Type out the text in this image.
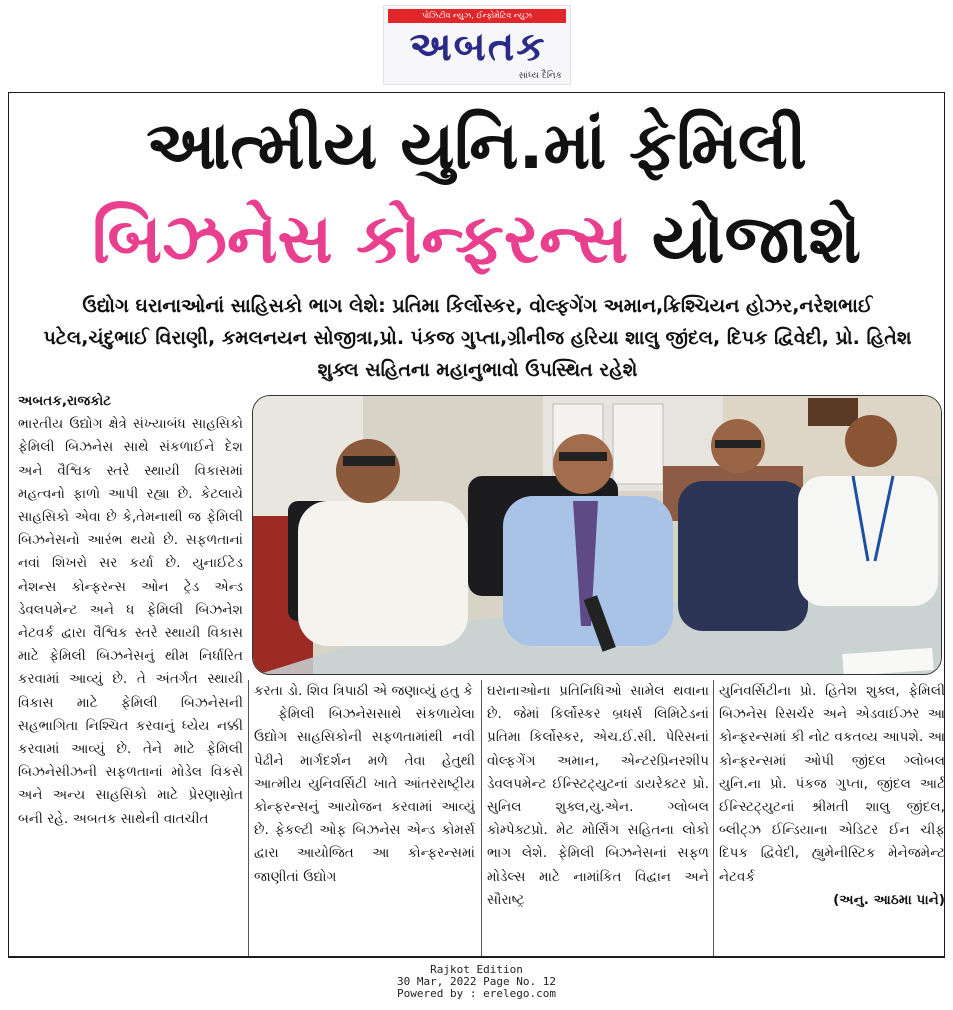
પોઝિટીવ ન્યુઝ, ઈન્ફોમેટિવ ન્યુઝ
અબતક
સાંધ્ય દૈનિક
આત્મીય યુનિ.માં ફેમિલી
બિઝનેસ કોન્ફરન્સ યોજાશે
ઉદ્યોગ ઘરાનાઓનાં સાહિસકો ભાગ લેશે: પ્રતિમા કિર્લોસ્કર, વોલ્ફગેંગ અમાન,ક્રિશ્ચિયન હોઝર,નરેશભાઈ પટેલ,ચંદુભાઈ વિરાણી, કમલનયન સોજીત્રા,પ્રો. પંકજ ગુપ્તા,ગ્રીનીજ હરિયા શાલુ જીંદલ, દિપક દ્વિવેદી, પ્રો. હિતેશ શુક્લ સહિતના મહાનુભાવો ઉપસ્થિત રહેશે

અબતક,રાજકોટ

ભારતીય ઉદ્યોગ ક્ષેત્રે સંખ્યાબંધ સાહસિકો ફેમિલી બિઝનેસ સાથે સંકળાઈને દેશ અને વૈશ્વિક સ્તરે સ્થાયી વિકાસમાં મહત્વનો ફાળો આપી રહ્યા છે. કેટલાયે સાહસિકો એવા છે કે,તેમનાથી જ ફેમિલી બિઝનેસનો આરંભ થયો છે. સફળતાનાં નવાં શિખરો સર કર્યા છે. યુનાઈટેડ નેશન્સ કોન્ફરન્સ ઓન ટ્રેડ એન્ડ ડેવલપમેન્ટ અને ધ ફેમિલી બિઝનેશ નેટવર્ક દ્વારા વૈશ્વિક સ્તરે સ્થાયી વિકાસ માટે ફેમિલી બિઝનેસનું થીમ નિર્ધારિત કરવામાં આવ્યું છે. તે અંતર્ગત સ્થાયી વિકાસ માટે ફેમિલી બિઝનેસની સહભાગિતા નિશ્ચિત કરવાનું ધ્યેય નક્કી કરવામાં આવ્યું છે. તેને માટે ફેમિલી બિઝનેસીઝની સફળતાનાં મોડેલ વિકસે અને અન્ય સાહસિકો માટે પ્રેરણાસ્રોત બની રહે. અબતક સાથેની વાતચીત

કરતા ડો. શિવ ત્રિપાઠી એ જણાવ્યું હતુ કે

ફેમિલી બિઝનેસસાથે સંકળાયેલા ઉદ્યોગ સાહસિકોની સફળતામાંથી નવી પેઢીને માર્ગદર્શન મળે તેવા હેતુથી આત્મીય યુનિવર્સિટી ખાતે આંતરરાષ્ટ્રીય કોન્ફરન્સનું આયોજન કરવામાં આવ્યું છે. ફેકલ્ટી ઓફ બિઝનેસ એન્ડ કોમર્સ દ્વારા આયોજિત આ કોન્ફરન્સમાં જાણીતાં ઉદ્યોગ

ઘરાનાઓના પ્રતિનિધિઓ સામેલ થવાના છે. જેમાં કિર્લોસ્કર બ્રધર્સ લિમિટેડનાં પ્રતિમા કિર્લોસ્કર, એચ.ઈ.સી. પેરિસનાં વોલ્ફગેંગ અમાન, એન્ટરપ્રિનરશીપ ડેવલપમેન્ટ ઈન્સ્ટિટ્યુટનાં ડાયરેક્ટર પ્રો. સુનિલ શુક્લ,યુ.એન. ગ્લોબલ કોમ્પેક્ટપ્રો. મેટ મોર્સિંગ સહિતના લોકો ભાગ લેશે. ફેમિલી બિઝનેસનાં સફળ મોડેલ્સ માટે નામાંકિત વિદ્વાન અને સૌરાષ્ટ્ર

યુનિવર્સિટીના પ્રો. હિતેશ શુક્લ, ફેમિલી બિઝનેસ રિસર્ચર અને એડવાઈઝર આ કોન્ફરન્સમાં કી નોટ વકતવ્ય આપશે. આ કોન્ફરન્સમાં ઓપી જીંદલ ગ્લોબલ યુનિ.ના પ્રો. પંકજ ગુપ્તા, જીંદલ આર્ટ ઈન્સ્ટિટ્યુટનાં શ્રીમતી શાલુ જીંદલ, બ્લીટ્ઝ ઈન્ડિયાના એડિટર ઈન ચીફ દિપક દ્વિવેદી, હ્યુમેનીસ્ટિક મેનેજમેન્ટ નેટવર્ક

(અનુ. આઠમા પાને)

Rajkot Edition
30 Mar, 2022 Page No. 12
Powered by : erelego.com
